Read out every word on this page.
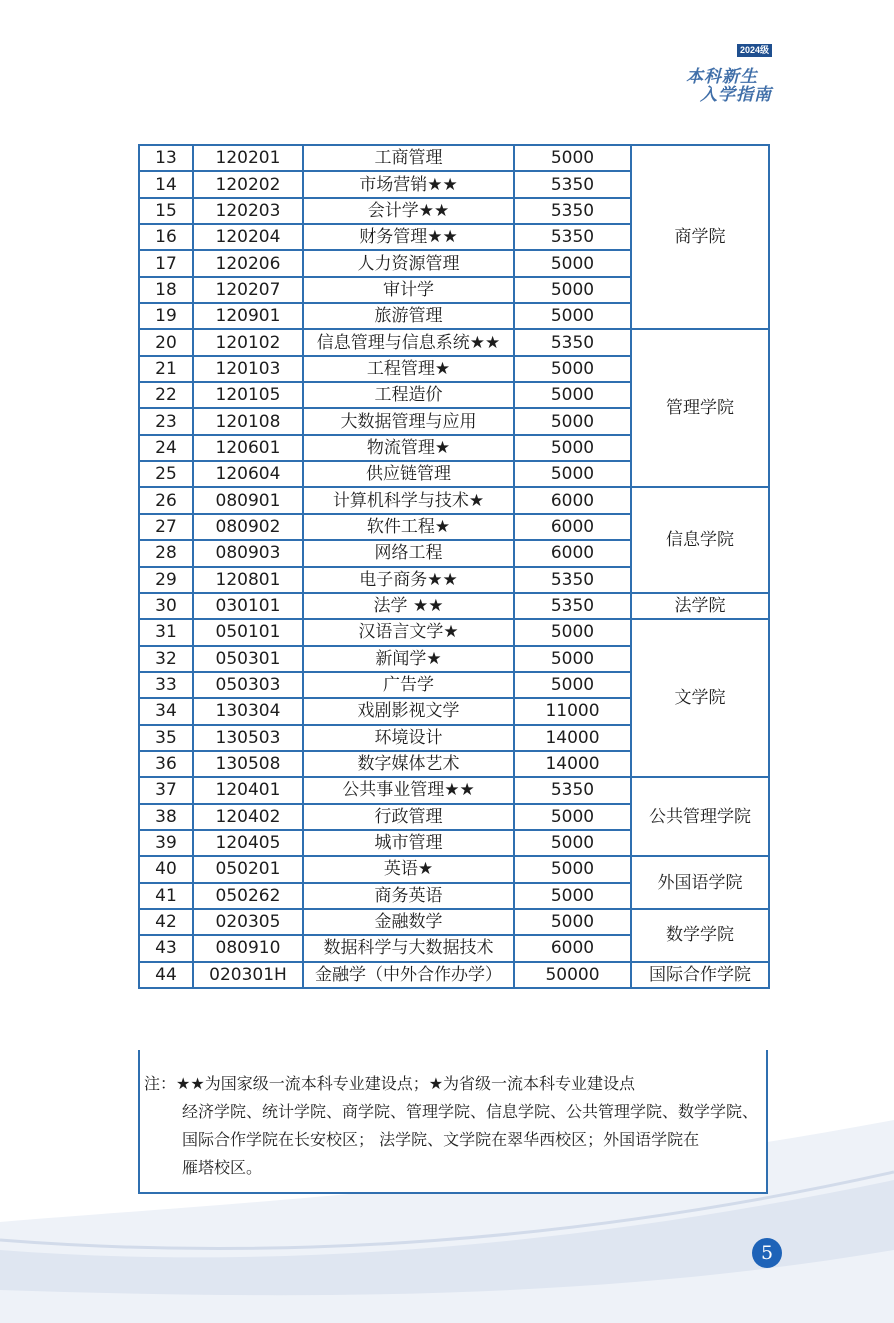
2024级
本科新生
入学指南
13	120201	工商管理	5000	商学院
14	120202	市场营销★★	5350	
15	120203	会计学★★	5350	
16	120204	财务管理★★	5350	
17	120206	人力资源管理	5000	
18	120207	审计学	5000	
19	120901	旅游管理	5000	
20	120102	信息管理与信息系统★★	5350	管理学院
21	120103	工程管理★	5000	
22	120105	工程造价	5000	
23	120108	大数据管理与应用	5000	
24	120601	物流管理★	5000	
25	120604	供应链管理	5000	
26	080901	计算机科学与技术★	6000	信息学院
27	080902	软件工程★	6000	
28	080903	网络工程	6000	
29	120801	电子商务★★	5350	
30	030101	法学 ★★	5350	法学院
31	050101	汉语言文学★	5000	文学院
32	050301	新闻学★	5000	
33	050303	广告学	5000	
34	130304	戏剧影视文学	11000	
35	130503	环境设计	14000	
36	130508	数字媒体艺术	14000	
37	120401	公共事业管理★★	5350	公共管理学院
38	120402	行政管理	5000	
39	120405	城市管理	5000	
40	050201	英语★	5000	外国语学院
41	050262	商务英语	5000	
42	020305	金融数学	5000	数学学院
43	080910	数据科学与大数据技术	6000	
44	020301H	金融学（中外合作办学）	50000	国际合作学院
注：★★为国家级一流本科专业建设点；★为省级一流本科专业建设点
经济学院、统计学院、商学院、管理学院、信息学院、公共管理学院、数学学院、
国际合作学院在长安校区； 法学院、文学院在翠华西校区；外国语学院在
雁塔校区。
5
